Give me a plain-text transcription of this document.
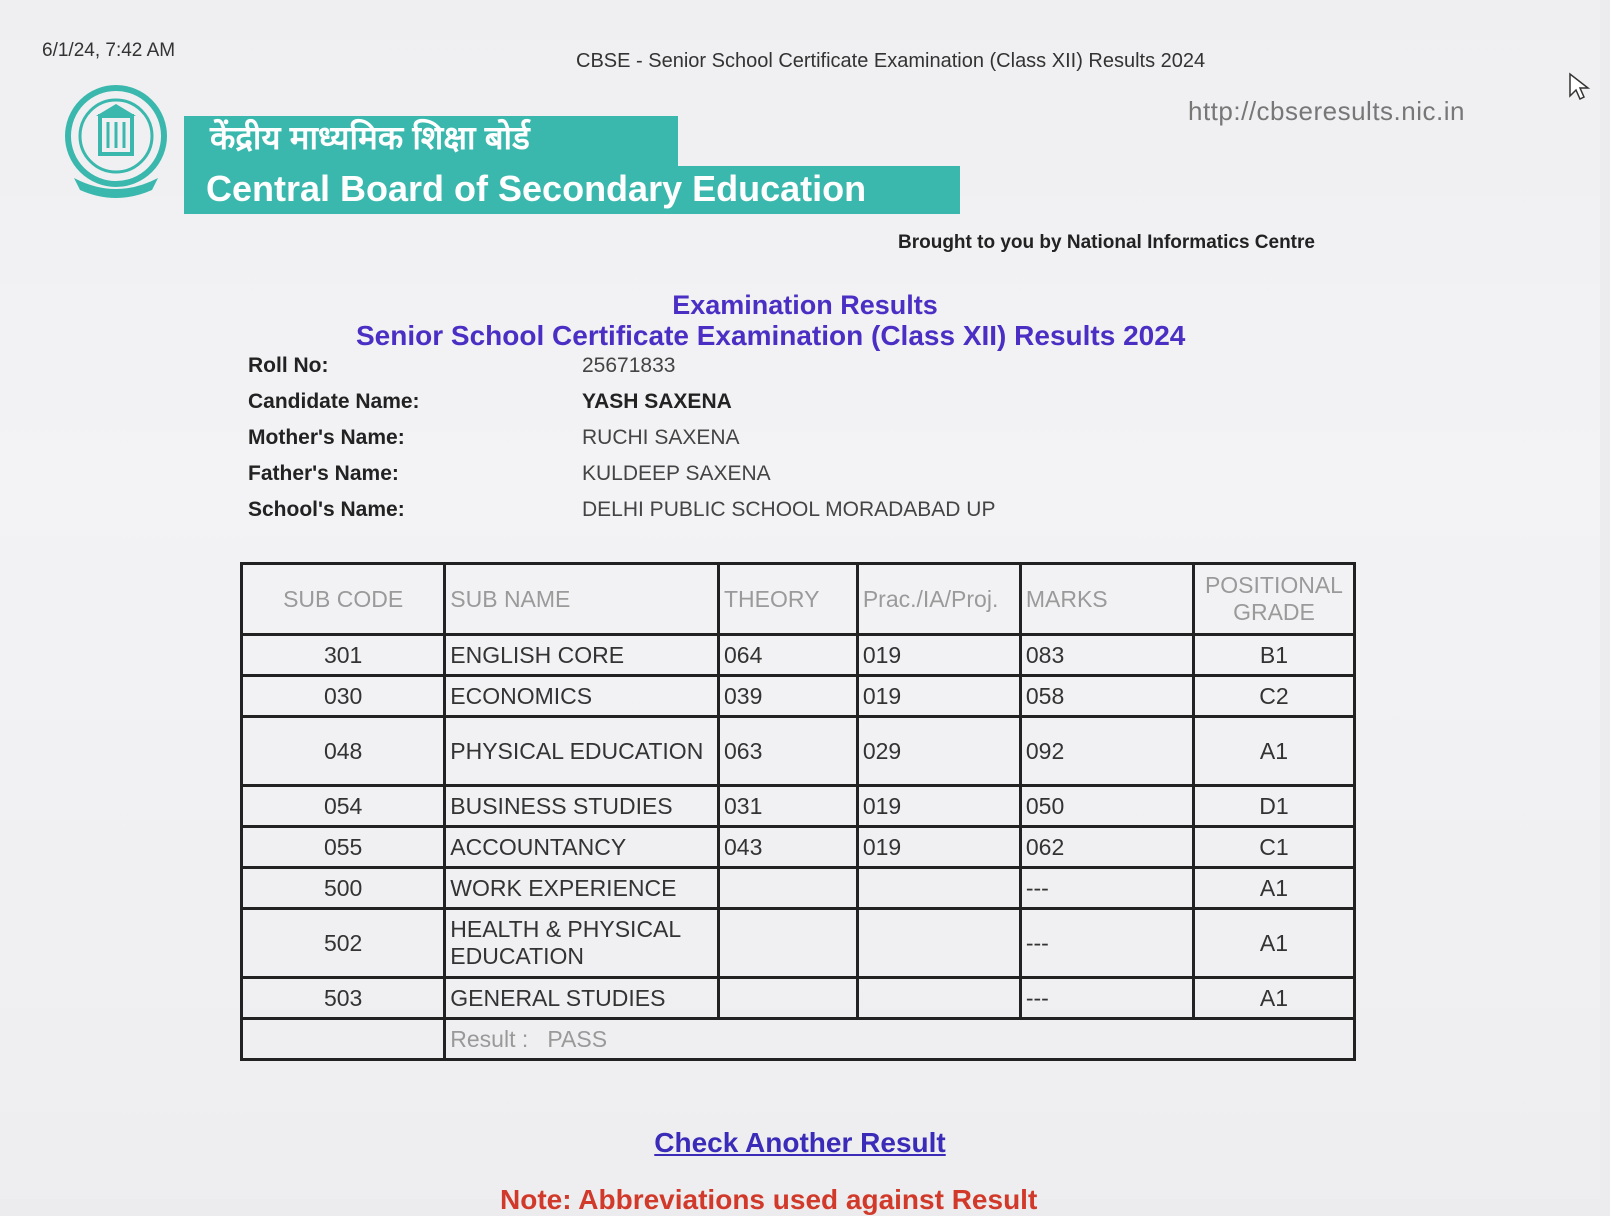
6/1/24, 7:42 AM	CBSE - Senior School Certificate Examination (Class XII) Results 2024
http://cbseresults.nic.in
केंद्रीय माध्यमिक शिक्षा बोर्ड
Central Board of Secondary Education
Brought to you by National Informatics Centre
Examination Results
Senior School Certificate Examination (Class XII) Results 2024
Roll No:	25671833
Candidate Name:	YASH SAXENA
Mother's Name:	RUCHI SAXENA
Father's Name:	KULDEEP SAXENA
School's Name:	DELHI PUBLIC SCHOOL MORADABAD UP
SUB CODE	SUB NAME	THEORY	Prac./IA/Proj.	MARKS	POSITIONAL GRADE
301	ENGLISH CORE	064	019	083	B1
030	ECONOMICS	039	019	058	C2
048	PHYSICAL EDUCATION	063	029	092	A1
054	BUSINESS STUDIES	031	019	050	D1
055	ACCOUNTANCY	043	019	062	C1
500	WORK EXPERIENCE			---	A1
502	HEALTH & PHYSICAL EDUCATION			---	A1
503	GENERAL STUDIES			---	A1
	Result : PASS				
Check Another Result
Note: Abbreviations used against Result
